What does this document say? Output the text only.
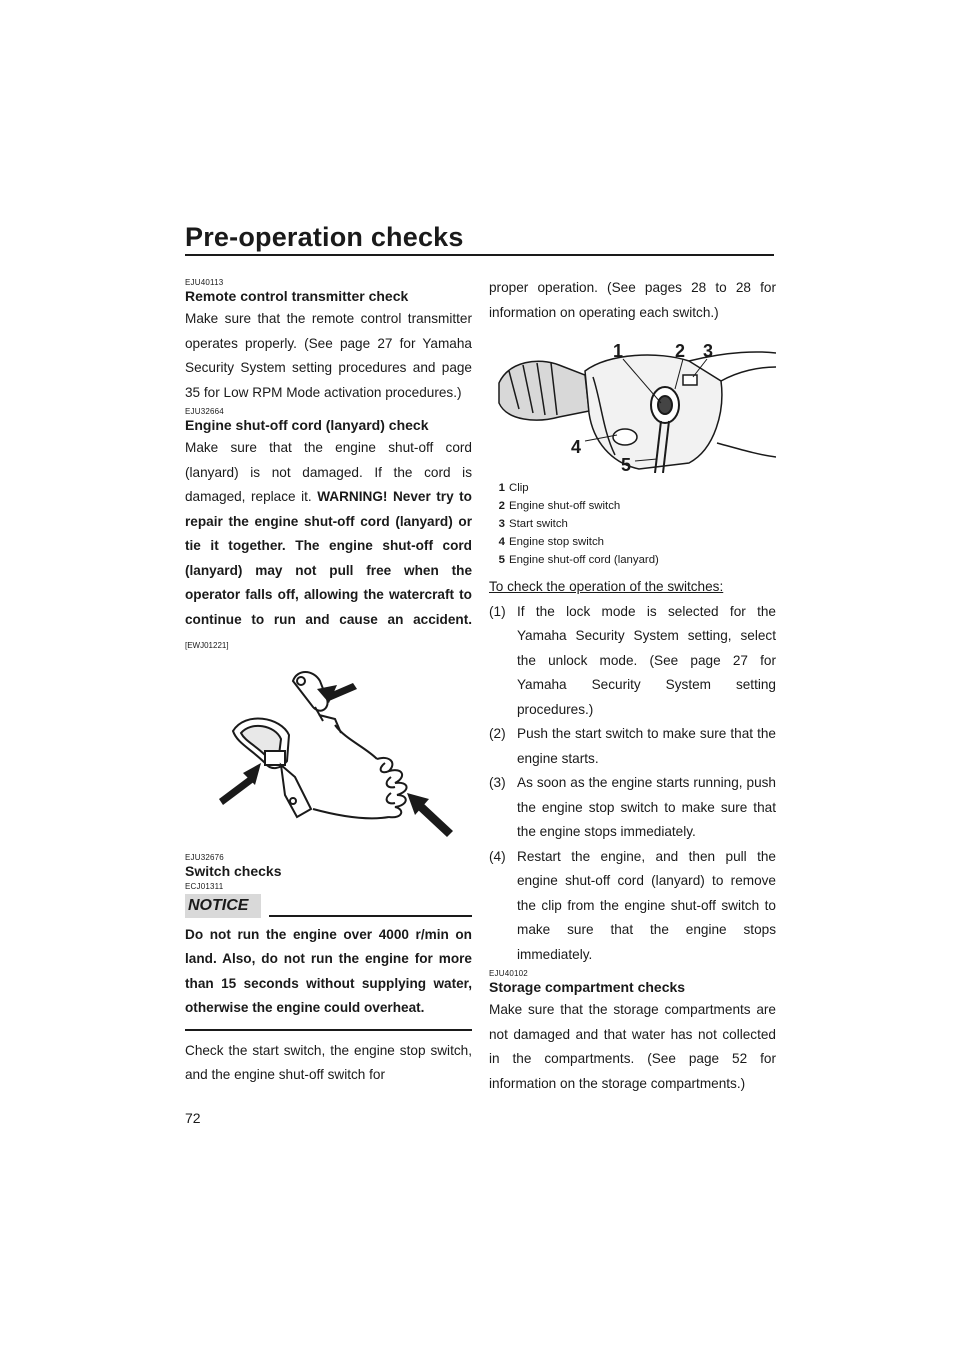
Pre-operation checks
72
EJU40113
Remote control transmitter check

Make sure that the remote control transmitter operates properly. (See page 27 for Yamaha Security System setting procedures and page 35 for Low RPM Mode activation procedures.)

EJU32664
Engine shut-off cord (lanyard) check

Make sure that the engine shut-off cord (lanyard) is not damaged. If the cord is damaged, replace it. WARNING! Never try to repair the engine shut-off cord (lanyard) or tie it together. The engine shut-off cord (lanyard) may not pull free when the operator falls off, allowing the watercraft to continue to run and cause an accident.[EWJ01221]

EJU32676
Switch checks
ECJ01311
NOTICE
Do not run the engine over 4000 r/min on land. Also, do not run the engine for more than 15 seconds without supplying water, otherwise the engine could overheat.

Check the start switch, the engine stop switch, and the engine shut-off switch for

proper operation. (See pages 28 to 28 for information on operating each switch.)

1	2 3
4
5
1 Clip
2 Engine shut-off switch
3 Start switch
4 Engine stop switch
5 Engine shut-off cord (lanyard)
To check the operation of the switches:
(1) If the lock mode is selected for the Yamaha Security System setting, select the unlock mode. (See page 27 for Yamaha Security System setting procedures.)
(2) Push the start switch to make sure that the engine starts.
(3) As soon as the engine starts running, push the engine stop switch to make sure that the engine stops immediately.
(4) Restart the engine, and then pull the engine shut-off cord (lanyard) to remove the clip from the engine shut-off switch to make sure that the engine stops immediately.
EJU40102
Storage compartment checks

Make sure that the storage compartments are not damaged and that water has not collected in the compartments. (See page 52 for information on the storage compartments.)
